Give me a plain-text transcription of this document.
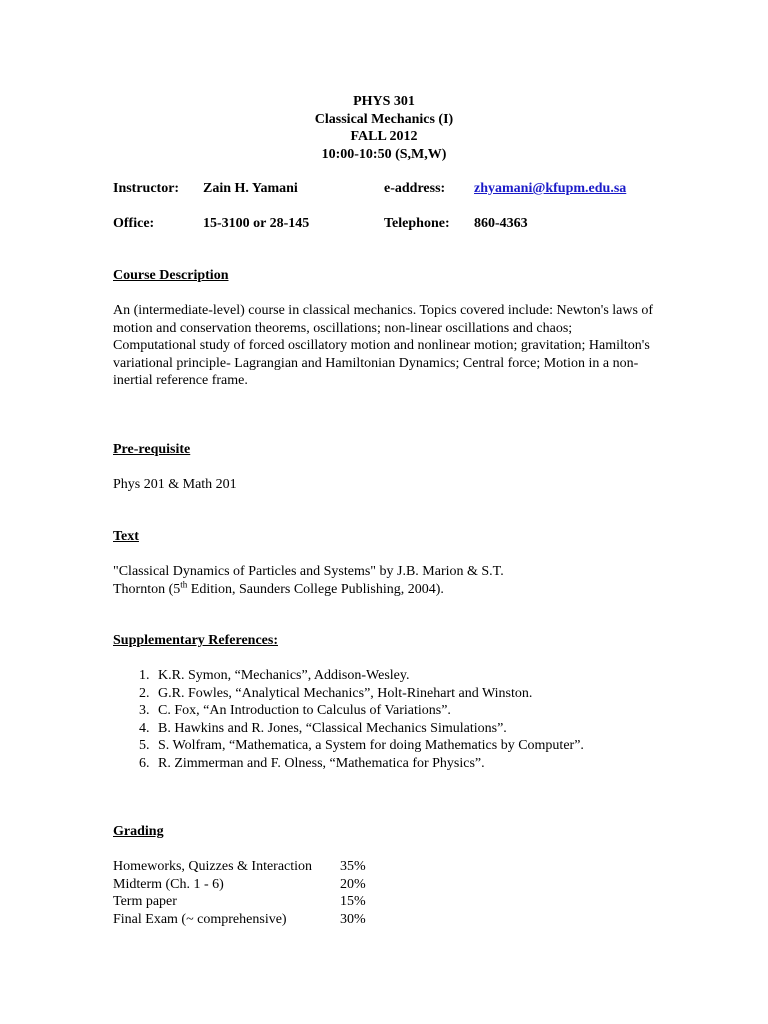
PHYS 301
Classical Mechanics (I)
FALL 2012
10:00-10:50 (S,M,W)
Instructor: Zain H. Yamani	e-address: zhyamani@kfupm.edu.sa
Office:	15-3100 or 28-145	Telephone: 860-4363
Course Description
An (intermediate-level) course in classical mechanics. Topics covered include: Newton's laws of motion and conservation theorems, oscillations; non-linear oscillations and chaos; Computational study of forced oscillatory motion and nonlinear motion; gravitation; Hamilton's variational principle- Lagrangian and Hamiltonian Dynamics; Central force; Motion in a non-inertial reference frame.
Pre-requisite
Phys 201 & Math 201
Text
"Classical Dynamics of Particles and Systems" by J.B. Marion & S.T.
Thornton (5th Edition, Saunders College Publishing, 2004).
Supplementary References:
1. K.R. Symon, “Mechanics”, Addison-Wesley.
2. G.R. Fowles, “Analytical Mechanics”, Holt-Rinehart and Winston.
3. C. Fox, “An Introduction to Calculus of Variations”.
4. B. Hawkins and R. Jones, “Classical Mechanics Simulations”.
5. S. Wolfram, “Mathematica, a System for doing Mathematics by Computer”.
6. R. Zimmerman and F. Olness, “Mathematica for Physics”.
Grading
Homeworks, Quizzes & Interaction 35%
Midterm (Ch. 1 - 6)	20%
Term paper	15%
Final Exam (~ comprehensive)	30%
